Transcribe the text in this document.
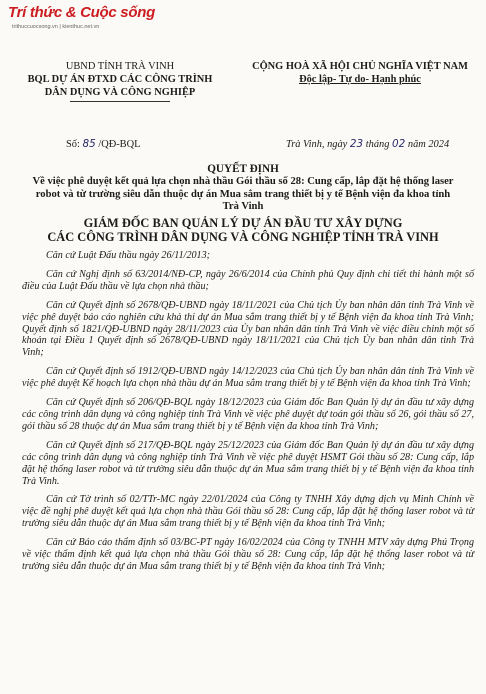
Trí thức & Cuộc sống
trithuccuocsong.vn | kienthuc.net.vn
UBND TỈNH TRÀ VINH
BQL DỰ ÁN ĐTXD CÁC CÔNG TRÌNH
DÂN DỤNG VÀ CÔNG NGHIỆP
CỘNG HOÀ XÃ HỘI CHỦ NGHĨA VIỆT NAM
Độc lập- Tự do- Hạnh phúc
Số: 85 /QĐ-BQL	Trà Vinh, ngày 23 tháng 02 năm 2024
QUYẾT ĐỊNH
Về việc phê duyệt kết quả lựa chọn nhà thầu Gói thầu số 28: Cung cấp, lắp đặt hệ thống laser robot và từ trường siêu dẫn thuộc dự án Mua sắm trang thiết bị y tế Bệnh viện đa khoa tỉnh Trà Vinh
GIÁM ĐỐC BAN QUẢN LÝ DỰ ÁN ĐẦU TƯ XÂY DỰNG
CÁC CÔNG TRÌNH DÂN DỤNG VÀ CÔNG NGHIỆP TỈNH TRÀ VINH

Căn cứ Luật Đấu thầu ngày 26/11/2013;

Căn cứ Nghị định số 63/2014/NĐ-CP, ngày 26/6/2014 của Chính phủ Quy định chi tiết thi hành một số điều của Luật Đấu thầu về lựa chọn nhà thầu;

Căn cứ Quyết định số 2678/QĐ-UBND ngày 18/11/2021 của Chủ tịch Ủy ban nhân dân tỉnh Trà Vinh về việc phê duyệt báo cáo nghiên cứu khả thi dự án Mua sắm trang thiết bị y tế Bệnh viện đa khoa tỉnh Trà Vinh; Quyết định số 1821/QĐ-UBND ngày 28/11/2023 của Ủy ban nhân dân tỉnh Trà Vinh về việc điều chỉnh một số khoản tại Điều 1 Quyết định số 2678/QĐ-UBND ngày 18/11/2021 của Chủ tịch Ủy ban nhân dân tỉnh Trà Vinh;

Căn cứ Quyết định số 1912/QĐ-UBND ngày 14/12/2023 của Chủ tịch Ủy ban nhân dân tỉnh Trà Vinh về việc phê duyệt Kế hoạch lựa chọn nhà thầu dự án Mua sắm trang thiết bị y tế Bệnh viện đa khoa tỉnh Trà Vinh;

Căn cứ Quyết định số 206/QĐ-BQL ngày 18/12/2023 của Giám đốc Ban Quản lý dự án đầu tư xây dựng các công trình dân dụng và công nghiệp tỉnh Trà Vinh về việc phê duyệt dự toán gói thầu số 26, gói thầu số 27, gói thầu số 28 thuộc dự án Mua sắm trang thiết bị y tế Bệnh viện đa khoa tỉnh Trà Vinh;

Căn cứ Quyết định số 217/QĐ-BQL ngày 25/12/2023 của Giám đốc Ban Quản lý dự án đầu tư xây dựng các công trình dân dụng và công nghiệp tỉnh Trà Vinh về việc phê duyệt HSMT Gói thầu số 28: Cung cấp, lắp đặt hệ thống laser robot và từ trường siêu dẫn thuộc dự án Mua sắm trang thiết bị y tế Bệnh viện đa khoa tỉnh Trà Vinh.

Căn cứ Tờ trình số 02/TTr-MC ngày 22/01/2024 của Công ty TNHH Xây dựng dịch vụ Minh Chính về việc đề nghị phê duyệt kết quả lựa chọn nhà thầu Gói thầu số 28: Cung cấp, lắp đặt hệ thống laser robot và từ trường siêu dẫn thuộc dự án Mua sắm trang thiết bị y tế Bệnh viện đa khoa tỉnh Trà Vinh;

Căn cứ Báo cáo thẩm định số 03/BC-PT ngày 16/02/2024 của Công ty TNHH MTV xây dựng Phú Trọng về việc thẩm định kết quả lựa chọn nhà thầu Gói thầu số 28: Cung cấp, lắp đặt hệ thống laser robot và từ trường siêu dẫn thuộc dự án Mua sắm trang thiết bị y tế Bệnh viện đa khoa tỉnh Trà Vinh;
